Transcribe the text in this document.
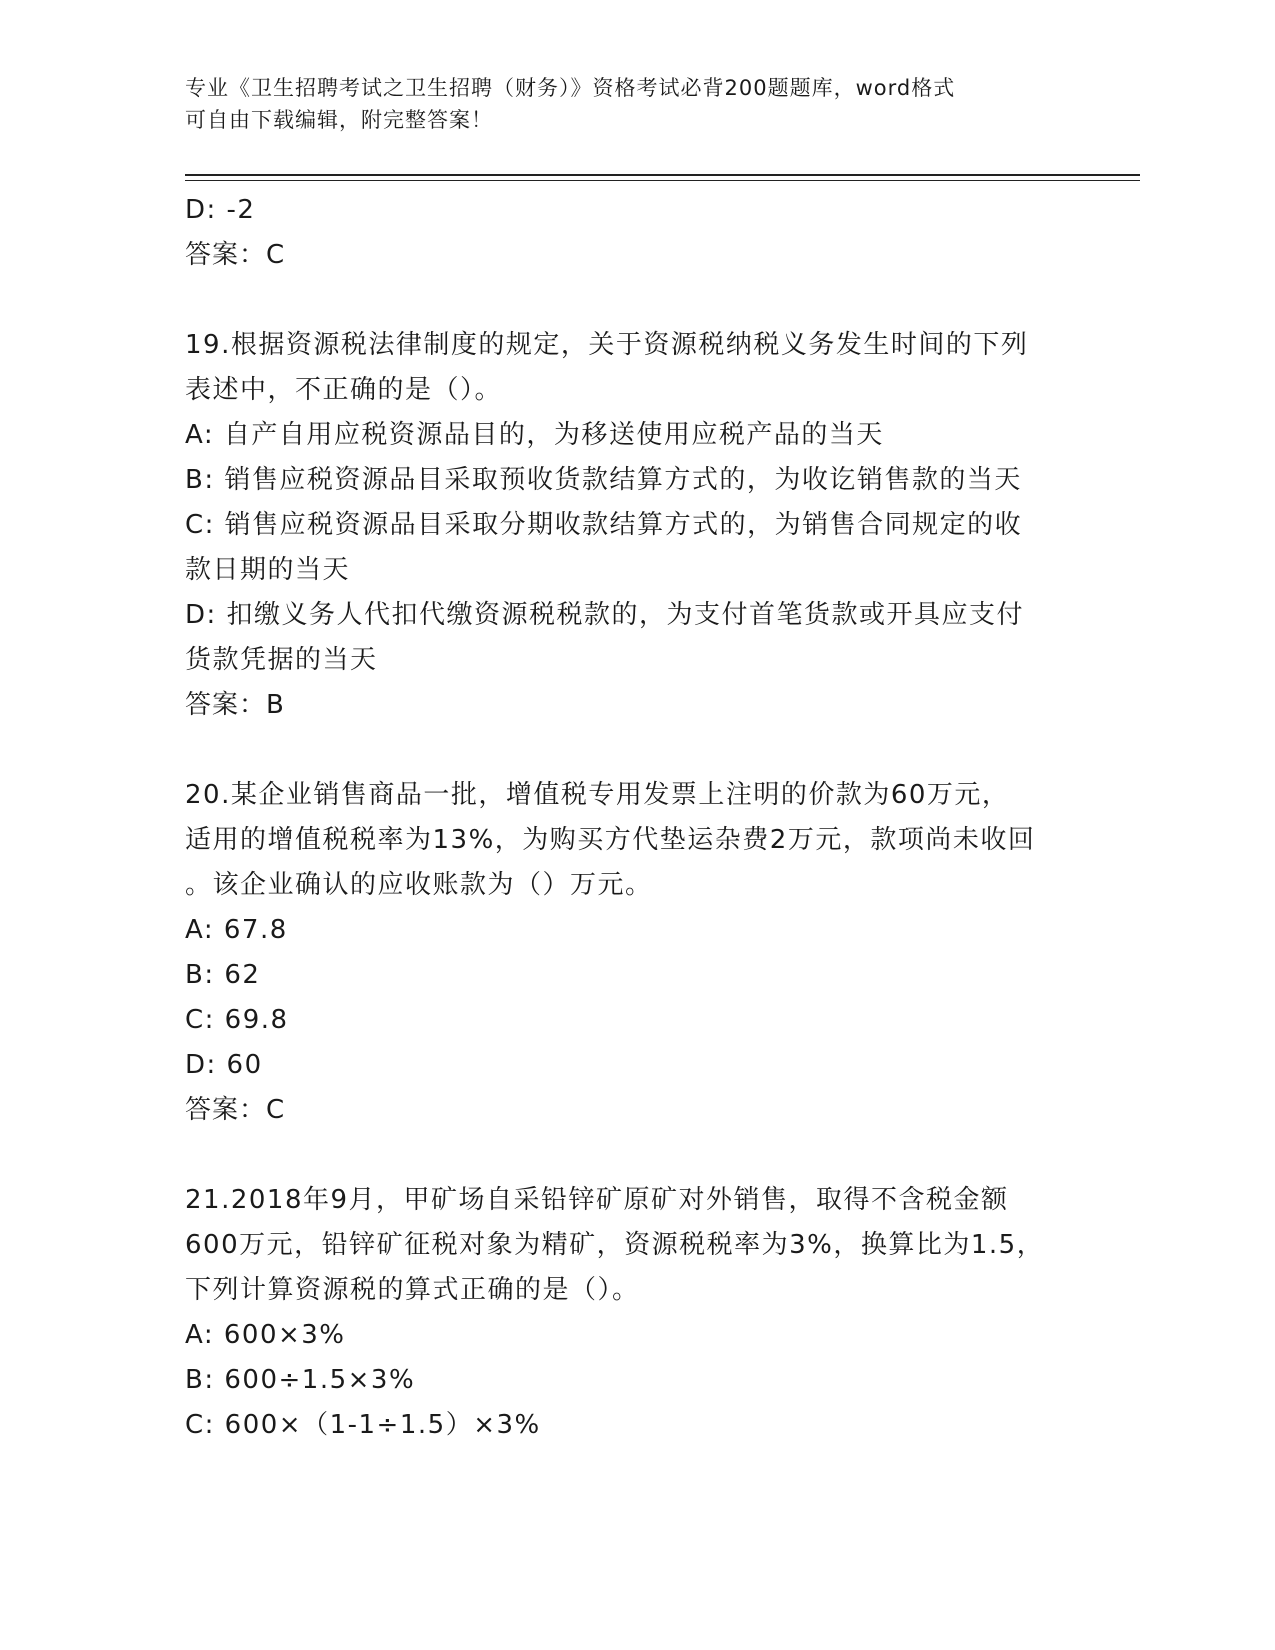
专业《卫生招聘考试之卫生招聘（财务）》资格考试必背200题题库，word格式
可自由下载编辑，附完整答案！
D: -2
答案：C
19.根据资源税法律制度的规定，关于资源税纳税义务发生时间的下列
表述中，不正确的是（）。
A: 自产自用应税资源品目的，为移送使用应税产品的当天
B: 销售应税资源品目采取预收货款结算方式的，为收讫销售款的当天
C: 销售应税资源品目采取分期收款结算方式的，为销售合同规定的收
款日期的当天
D: 扣缴义务人代扣代缴资源税税款的，为支付首笔货款或开具应支付
货款凭据的当天
答案：B
20.某企业销售商品一批，增值税专用发票上注明的价款为60万元，
适用的增值税税率为13%，为购买方代垫运杂费2万元，款项尚未收回
。该企业确认的应收账款为（）万元。
A: 67.8
B: 62
C: 69.8
D: 60
答案：C
21.2018年9月，甲矿场自采铅锌矿原矿对外销售，取得不含税金额
600万元，铅锌矿征税对象为精矿，资源税税率为3%，换算比为1.5，
下列计算资源税的算式正确的是（）。
A: 600×3%
B: 600÷1.5×3%
C: 600×（1-1÷1.5）×3%
